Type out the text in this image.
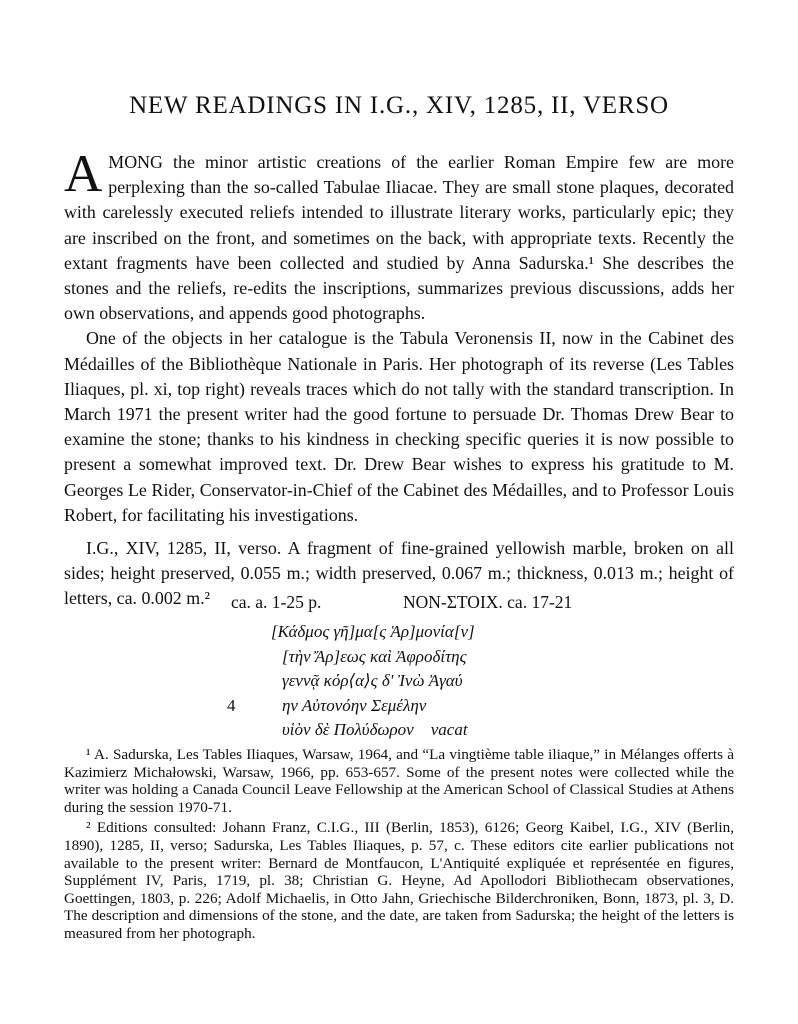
NEW READINGS IN I.G., XIV, 1285, II, VERSO

AMONG the minor artistic creations of the earlier Roman Empire few are more perplexing than the so-called Tabulae Iliacae. They are small stone plaques, decorated with carelessly executed reliefs intended to illustrate literary works, particularly epic; they are inscribed on the front, and sometimes on the back, with appropriate texts. Recently the extant fragments have been collected and studied by Anna Sadurska.¹ She describes the stones and the reliefs, re-edits the inscriptions, summarizes previous discussions, adds her own observations, and appends good photographs.

One of the objects in her catalogue is the Tabula Veronensis II, now in the Cabinet des Médailles of the Bibliothèque Nationale in Paris. Her photograph of its reverse (Les Tables Iliaques, pl. xi, top right) reveals traces which do not tally with the standard transcription. In March 1971 the present writer had the good fortune to persuade Dr. Thomas Drew Bear to examine the stone; thanks to his kindness in checking specific queries it is now possible to present a somewhat improved text. Dr. Drew Bear wishes to express his gratitude to M. Georges Le Rider, Conservator-in-Chief of the Cabinet des Médailles, and to Professor Louis Robert, for facilitating his investigations.

I.G., XIV, 1285, II, verso. A fragment of fine-grained yellowish marble, broken on all sides; height preserved, 0.055 m.; width preserved, 0.067 m.; thickness, 0.013 m.; height of letters, ca. 0.002 m.²	ca. a. 1-25 p.	NON-ΣΤΟΙΧ. ca. 17-21
[Κάδμος γῆ]μα[ς Ἁρ]μονία[ν]
[τὴν Ἄρ]εως καὶ Ἀφροδίτης
γεννᾷ κόρ⟨α⟩ς δ' Ἰνὼ Ἀγαύ
4	ην Αὐτονόην Σεμέλην
υἱὸν δὲ Πολύδωρον    vacat

¹ A. Sadurska, Les Tables Iliaques, Warsaw, 1964, and “La vingtième table iliaque,” in Mélanges offerts à Kazimierz Michałowski, Warsaw, 1966, pp. 653-657. Some of the present notes were collected while the writer was holding a Canada Council Leave Fellowship at the American School of Classical Studies at Athens during the session 1970-71.

² Editions consulted: Johann Franz, C.I.G., III (Berlin, 1853), 6126; Georg Kaibel, I.G., XIV (Berlin, 1890), 1285, II, verso; Sadurska, Les Tables Iliaques, p. 57, c. These editors cite earlier publications not available to the present writer: Bernard de Montfaucon, L'Antiquité expliquée et représentée en figures, Supplément IV, Paris, 1719, pl. 38; Christian G. Heyne, Ad Apollodori Bibliothecam observationes, Goettingen, 1803, p. 226; Adolf Michaelis, in Otto Jahn, Griechische Bilderchroniken, Bonn, 1873, pl. 3, D. The description and dimensions of the stone, and the date, are taken from Sadurska; the height of the letters is measured from her photograph.
